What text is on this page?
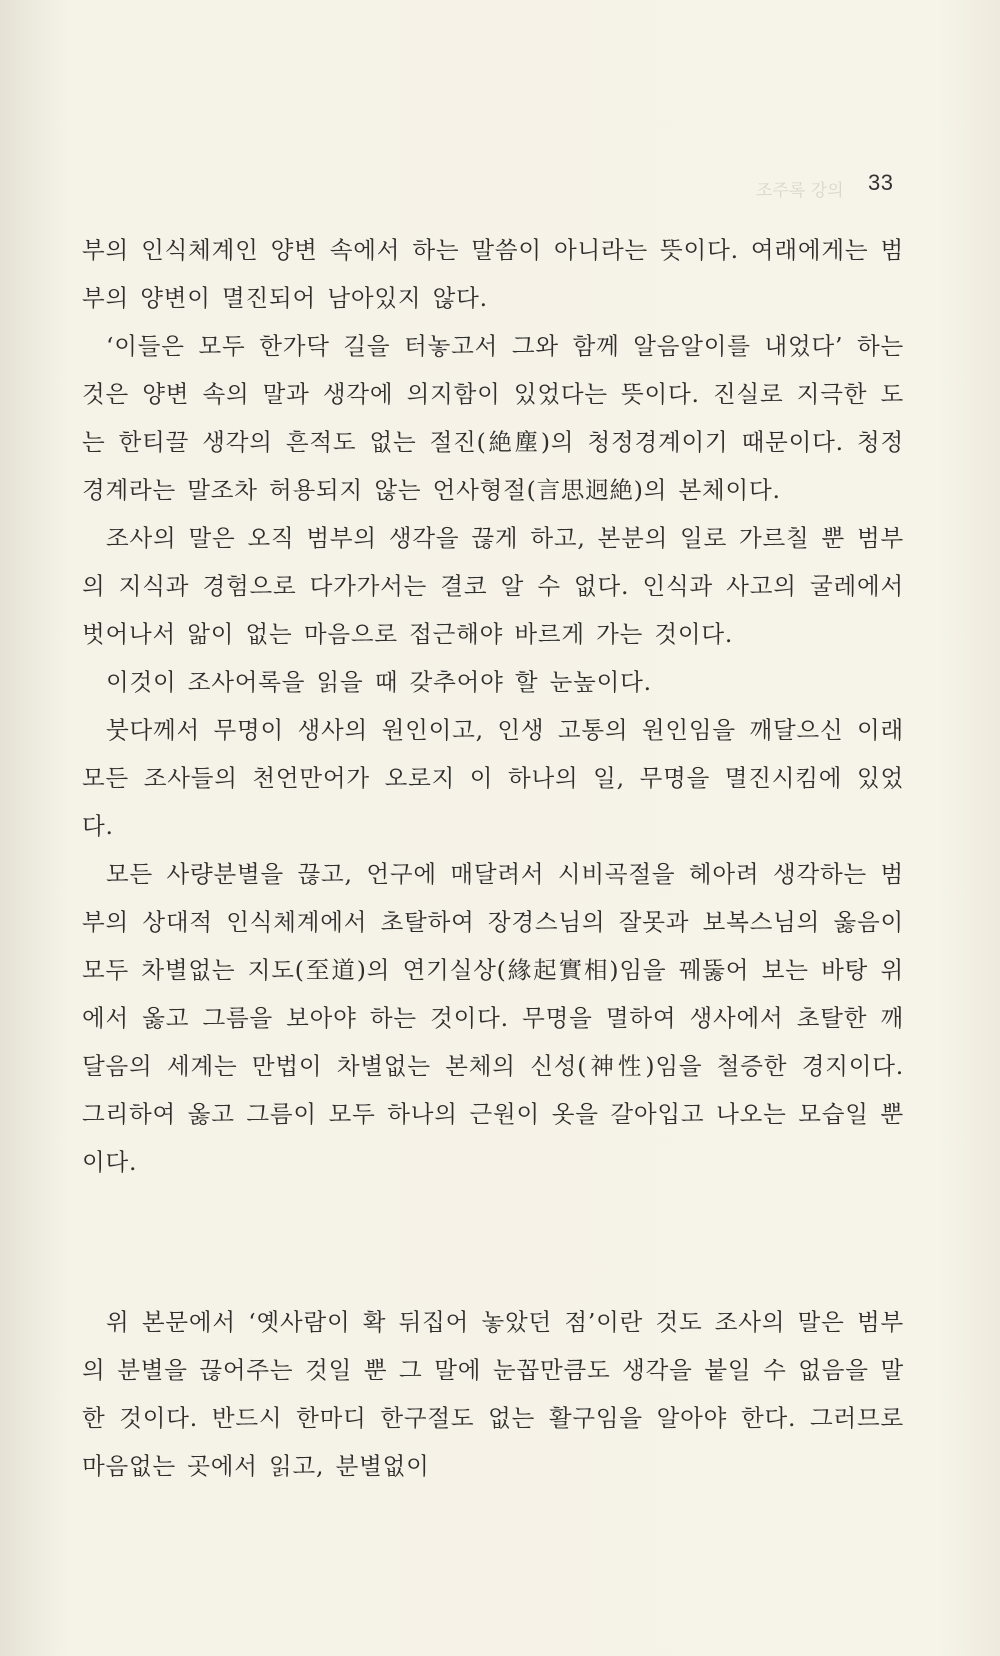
조주록 강의 33

부의 인식체계인 양변 속에서 하는 말씀이 아니라는 뜻이다. 여래에게는 범부의 양변이 멸진되어 남아있지 않다.

‘이들은 모두 한가닥 길을 터놓고서 그와 함께 알음알이를 내었다’ 하는 것은 양변 속의 말과 생각에 의지함이 있었다는 뜻이다. 진실로 지극한 도는 한티끌 생각의 흔적도 없는 절진(絶塵)의 청정경계이기 때문이다. 청정경계라는 말조차 허용되지 않는 언사형절(言思迥絶)의 본체이다.

조사의 말은 오직 범부의 생각을 끊게 하고, 본분의 일로 가르칠 뿐 범부의 지식과 경험으로 다가가서는 결코 알 수 없다. 인식과 사고의 굴레에서 벗어나서 앎이 없는 마음으로 접근해야 바르게 가는 것이다.

이것이 조사어록을 읽을 때 갖추어야 할 눈높이다.

붓다께서 무명이 생사의 원인이고, 인생 고통의 원인임을 깨달으신 이래 모든 조사들의 천언만어가 오로지 이 하나의 일, 무명을 멸진시킴에 있었다.

모든 사량분별을 끊고, 언구에 매달려서 시비곡절을 헤아려 생각하는 범부의 상대적 인식체계에서 초탈하여 장경스님의 잘못과 보복스님의 옳음이 모두 차별없는 지도(至道)의 연기실상(緣起實相)임을 꿰뚫어 보는 바탕 위에서 옳고 그름을 보아야 하는 것이다. 무명을 멸하여 생사에서 초탈한 깨달음의 세계는 만법이 차별없는 본체의 신성(神性)임을 철증한 경지이다. 그리하여 옳고 그름이 모두 하나의 근원이 옷을 갈아입고 나오는 모습일 뿐이다.

위 본문에서 ‘옛사람이 확 뒤집어 놓았던 점’이란 것도 조사의 말은 범부의 분별을 끊어주는 것일 뿐 그 말에 눈꼽만큼도 생각을 붙일 수 없음을 말한 것이다. 반드시 한마디 한구절도 없는 활구임을 알아야 한다. 그러므로 마음없는 곳에서 읽고, 분별없이
